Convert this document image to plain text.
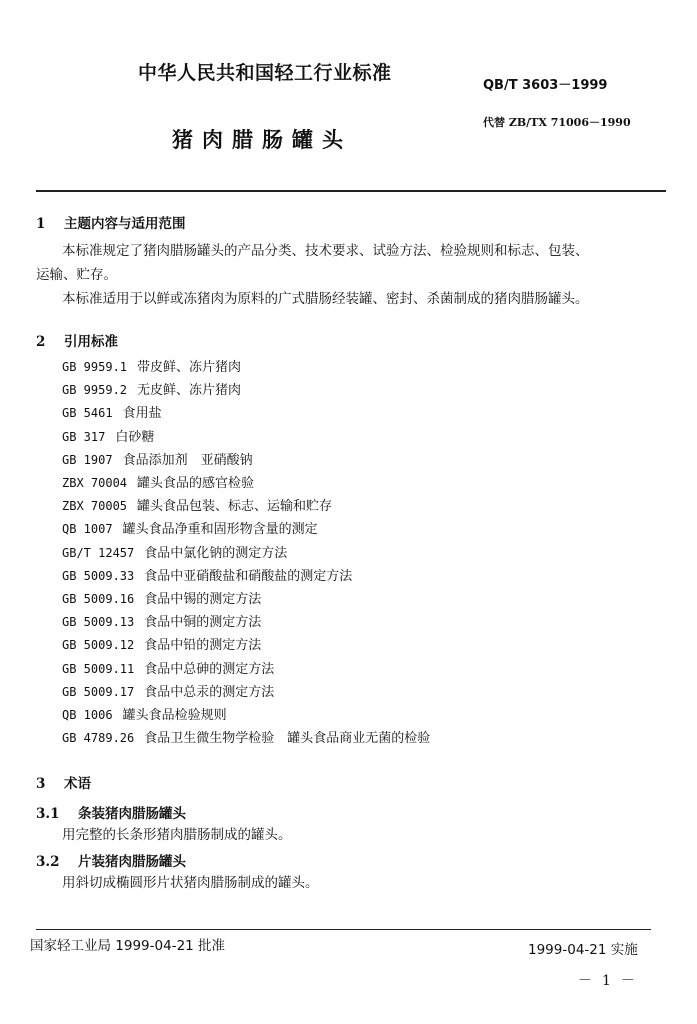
中华人民共和国轻工行业标准
QB/T 3603－1999
代替 ZB/TX 71006－1990
猪肉腊肠罐头
1 主题内容与适用范围
本标准规定了猪肉腊肠罐头的产品分类、技术要求、试验方法、检验规则和标志、包装、
运输、贮存。
本标准适用于以鲜或冻猪肉为原料的广式腊肠经装罐、密封、杀菌制成的猪肉腊肠罐头。
2 引用标准
GB 9959.1 带皮鲜、冻片猪肉
GB 9959.2 无皮鲜、冻片猪肉
GB 5461 食用盐
GB 317 白砂糖
GB 1907 食品添加剂　亚硝酸钠
ZBX 70004 罐头食品的感官检验
ZBX 70005 罐头食品包装、标志、运输和贮存
QB 1007 罐头食品净重和固形物含量的测定
GB/T 12457 食品中氯化钠的测定方法
GB 5009.33 食品中亚硝酸盐和硝酸盐的测定方法
GB 5009.16 食品中锡的测定方法
GB 5009.13 食品中铜的测定方法
GB 5009.12 食品中铅的测定方法
GB 5009.11 食品中总砷的测定方法
GB 5009.17 食品中总汞的测定方法
QB 1006 罐头食品检验规则
GB 4789.26 食品卫生微生物学检验　罐头食品商业无菌的检验
3 术语
3.1 条装猪肉腊肠罐头
用完整的长条形猪肉腊肠制成的罐头。
3.2 片装猪肉腊肠罐头
用斜切成椭圆形片状猪肉腊肠制成的罐头。
国家轻工业局 1999-04-21 批准	1999-04-21 实施
－1－
